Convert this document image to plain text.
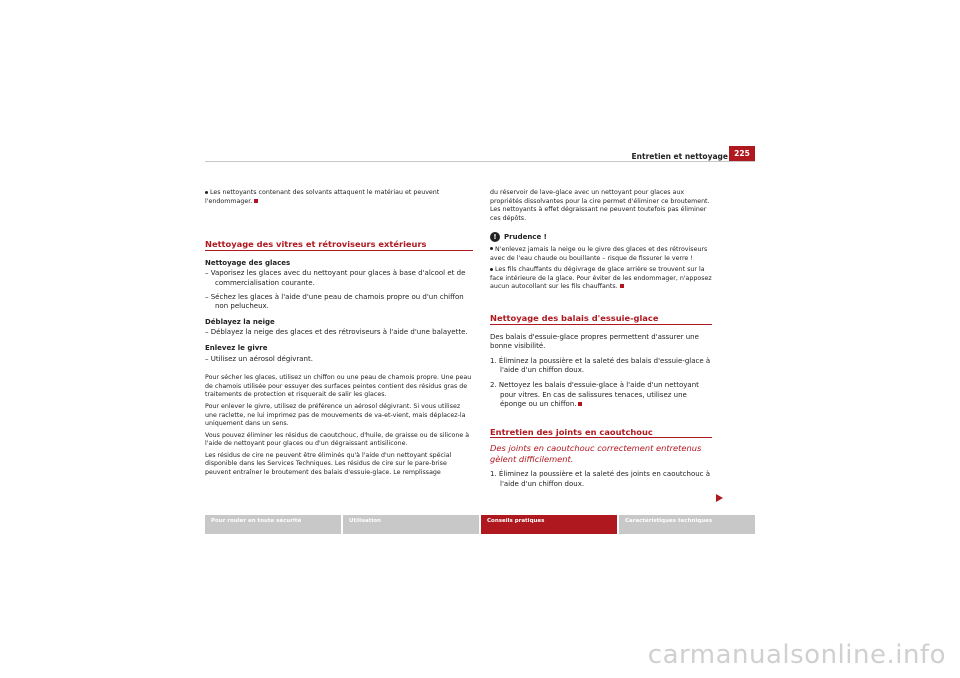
Entretien et nettoyage 225

Les nettoyants contenant des solvants attaquent le matériau et peuvent l'endommager.

Nettoyage des vitres et rétroviseurs extérieurs
Nettoyage des glaces
– Vaporisez les glaces avec du nettoyant pour glaces à base d'alcool et de commercialisation courante.
– Séchez les glaces à l'aide d'une peau de chamois propre ou d'un chiffon non pelucheux.
Déblayez la neige
– Déblayez la neige des glaces et des rétroviseurs à l'aide d'une balayette.
Enlevez le givre
– Utilisez un aérosol dégivrant.

Pour sécher les glaces, utilisez un chiffon ou une peau de chamois propre. Une peau de chamois utilisée pour essuyer des surfaces peintes contient des résidus gras de traitements de protection et risquerait de salir les glaces.

Pour enlever le givre, utilisez de préférence un aérosol dégivrant. Si vous utilisez une raclette, ne lui imprimez pas de mouvements de va-et-vient, mais déplacez-la uniquement dans un sens.

Vous pouvez éliminer les résidus de caoutchouc, d'huile, de graisse ou de silicone à l'aide de nettoyant pour glaces ou d'un dégraissant antisilicone.

Les résidus de cire ne peuvent être éliminés qu'à l'aide d'un nettoyant spécial disponible dans les Services Techniques. Les résidus de cire sur le pare-brise peuvent entraîner le broutement des balais d'essuie-glace. Le remplissage

du réservoir de lave-glace avec un nettoyant pour glaces aux propriétés dissolvantes pour la cire permet d'éliminer ce broutement. Les nettoyants à effet dégraissant ne peuvent toutefois pas éliminer ces dépôts.

! Prudence !

N'enlevez jamais la neige ou le givre des glaces et des rétroviseurs avec de l'eau chaude ou bouillante – risque de fissurer le verre !

Les fils chauffants du dégivrage de glace arrière se trouvent sur la face intérieure de la glace. Pour éviter de les endommager, n'apposez aucun autocollant sur les fils chauffants.

Nettoyage des balais d'essuie-glace

Des balais d'essuie-glace propres permettent d'assurer une bonne visibilité.

1. Éliminez la poussière et la saleté des balais d'essuie-glace à l'aide d'un chiffon doux.
2. Nettoyez les balais d'essuie-glace à l'aide d'un nettoyant pour vitres. En cas de salissures tenaces, utilisez une éponge ou un chiffon.
Entretien des joints en caoutchouc

Des joints en caoutchouc correctement entretenus gèlent difficilement.

1. Éliminez la poussière et la saleté des joints en caoutchouc à l'aide d'un chiffon doux.
Pour rouler en toute sécurité	Utilisation	Conseils pratiques	Caractéristiques techniques
carmanualsonline.info
